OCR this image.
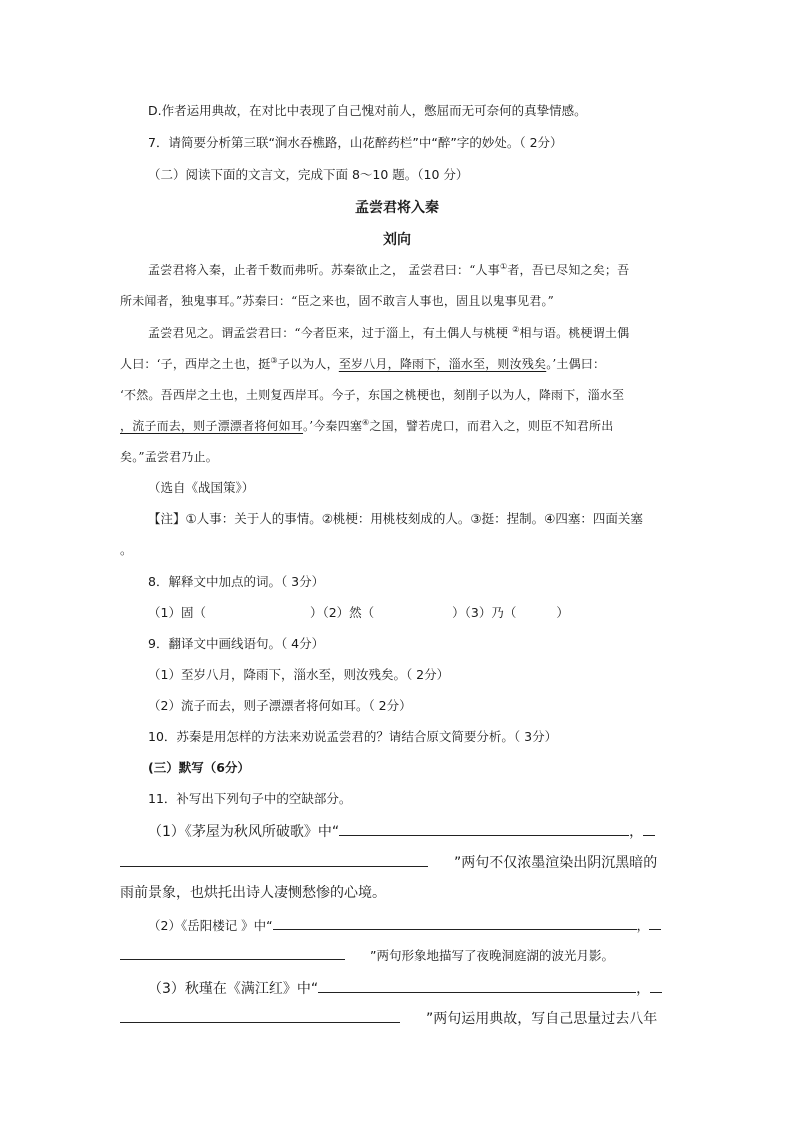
D.作者运用典故，在对比中表现了自己愧对前人，憋屈而无可奈何的真挚情感。
7．请简要分析第三联“涧水吞樵路，山花醉药栏”中“醉”字的妙处。（ 2分）
（二）阅读下面的文言文，完成下面 8～10 题。（10 分）
孟尝君将入秦
刘向
孟尝君将入秦，止者千数而弗听。苏秦欲止之， 孟尝君曰：“人事①者，吾已尽知之矣；吾
所未闻者，独鬼事耳。”苏秦曰：“臣之来也，固不敢言人事也，固且以鬼事见君。”
孟尝君见之。谓孟尝君曰：“今者臣来，过于淄上，有土偶人与桃梗 ②相与语。桃梗谓土偶
人曰：‘子，西岸之土也，挺③子以为人，至岁八月，降雨下，淄水至，则汝残矣。’土偶曰：
‘不然。吾西岸之土也，土则复西岸耳。今子，东国之桃梗也，刻削子以为人，降雨下，淄水至
，流子而去，则子漂漂者将何如耳。’今秦四塞④之国，譬若虎口，而君入之，则臣不知君所出
矣。”孟尝君乃止。
（选自《战国策》）
【注】①人事：关于人的事情。②桃梗：用桃枝刻成的人。③挺：捏制。④四塞：四面关塞
。
8．解释文中加点的词。（ 3分）
（1）固（	）（2）然（	）（3）乃（	）
9．翻译文中画线语句。（ 4分）
（1）至岁八月，降雨下，淄水至，则汝残矣。（ 2分）
（2）流子而去，则子漂漂者将何如耳。（ 2分）
10．苏秦是用怎样的方法来劝说孟尝君的？请结合原文简要分析。（ 3分）
(三）默写（6分）
11．补写出下列句子中的空缺部分。
（1）《茅屋为秋风所破歌》中“	，
”两句不仅浓墨渲染出阴沉黑暗的
雨前景象，也烘托出诗人凄恻愁惨的心境。
（2）《岳阳楼记 》中“	，
”两句形象地描写了夜晚洞庭湖的波光月影。
（3）秋瑾在《满江红》中“	，
”两句运用典故，写自己思量过去八年
